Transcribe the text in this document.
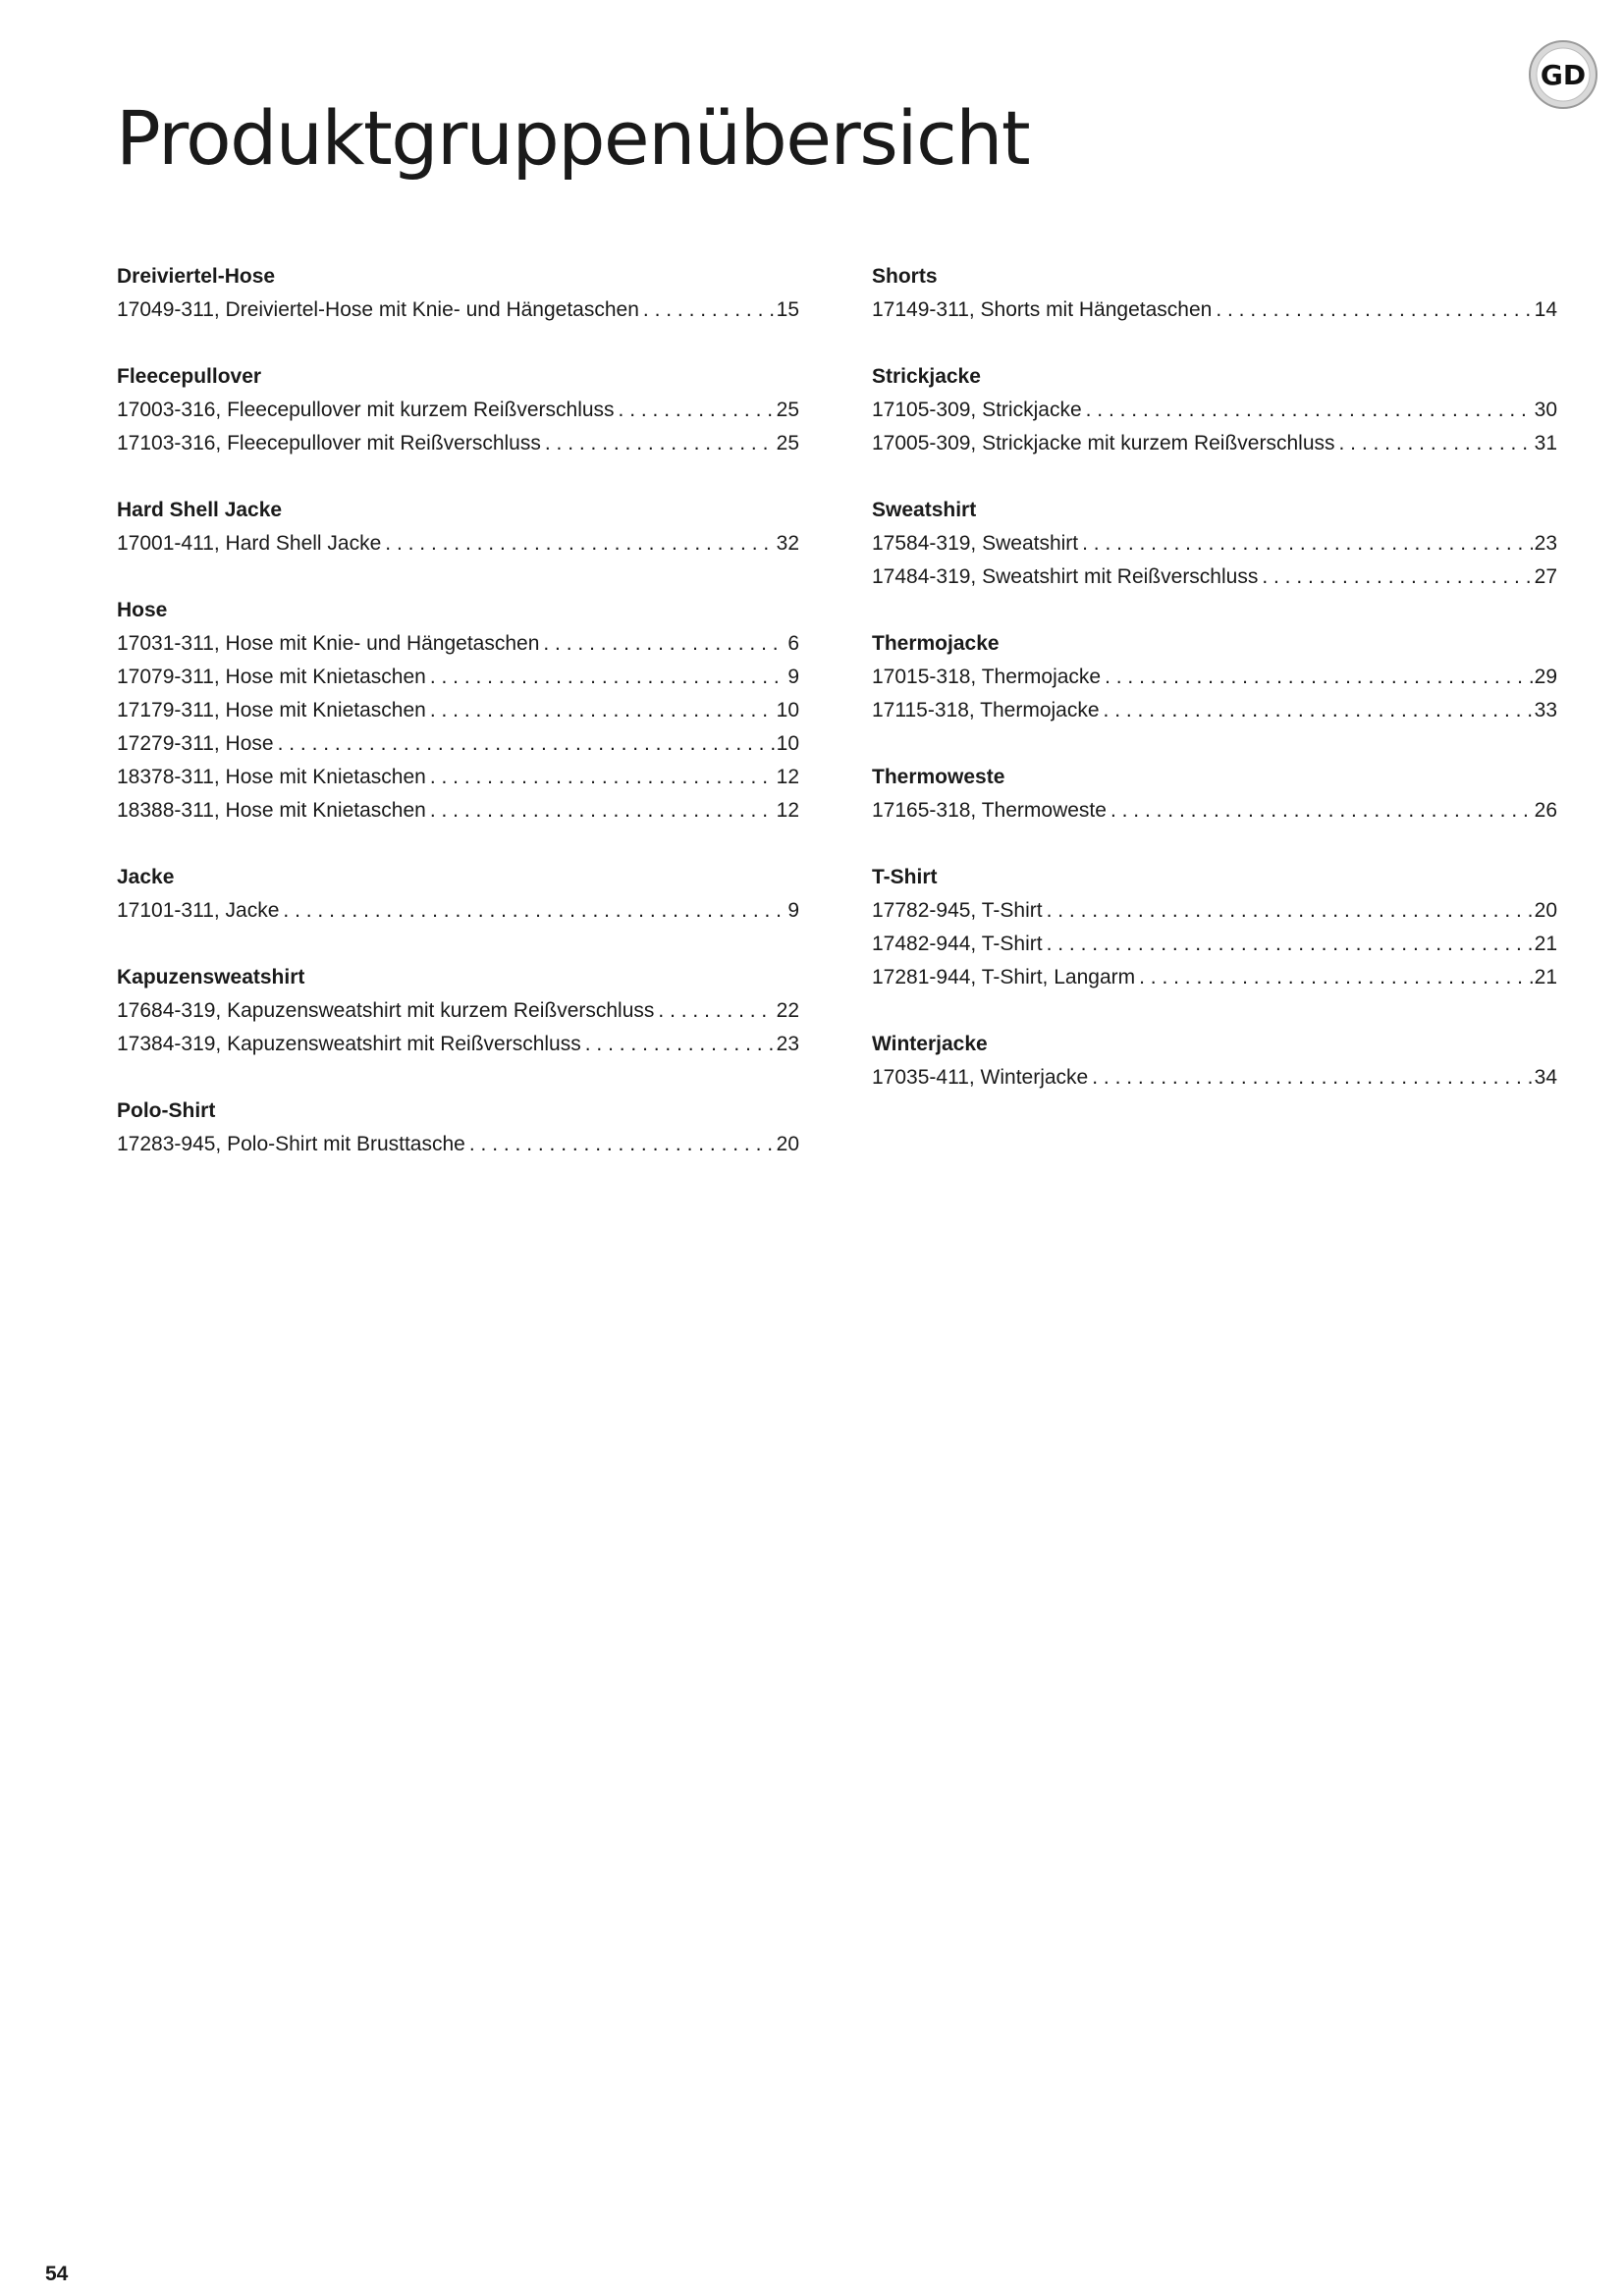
GD
Produktgruppenübersicht
Dreiviertel-Hose
17049-311, Dreiviertel-Hose mit Knie- und Hängetaschen . . .	15
Fleecepullover
17003-316, Fleecepullover mit kurzem Reißverschluss . . .	25
17103-316, Fleecepullover mit Reißverschluss . . .	25
Hard Shell Jacke
17001-411, Hard Shell Jacke . . .	32
Hose
17031-311, Hose mit Knie- und Hängetaschen . . .	6
17079-311, Hose mit Knietaschen . . .	9
17179-311, Hose mit Knietaschen . . .	10
17279-311, Hose . . .	10
18378-311, Hose mit Knietaschen . . .	12
18388-311, Hose mit Knietaschen . . .	12
Jacke
17101-311, Jacke . . .	9
Kapuzensweatshirt
17684-319, Kapuzensweatshirt mit kurzem Reißverschluss . . .	22
17384-319, Kapuzensweatshirt mit Reißverschluss . . .	23
Polo-Shirt
17283-945, Polo-Shirt mit Brusttasche . . .	20
Shorts
17149-311, Shorts mit Hängetaschen . . .	14
Strickjacke
17105-309, Strickjacke . . .	30
17005-309, Strickjacke mit kurzem Reißverschluss . . .	31
Sweatshirt
17584-319, Sweatshirt . . .	23
17484-319, Sweatshirt mit Reißverschluss . . .	27
Thermojacke
17015-318, Thermojacke . . .	29
17115-318, Thermojacke . . .	33
Thermoweste
17165-318, Thermoweste . . .	26
T-Shirt
17782-945, T-Shirt . . .	20
17482-944, T-Shirt . . .	21
17281-944, T-Shirt, Langarm . . .	21
Winterjacke
17035-411, Winterjacke . . .	34
54
